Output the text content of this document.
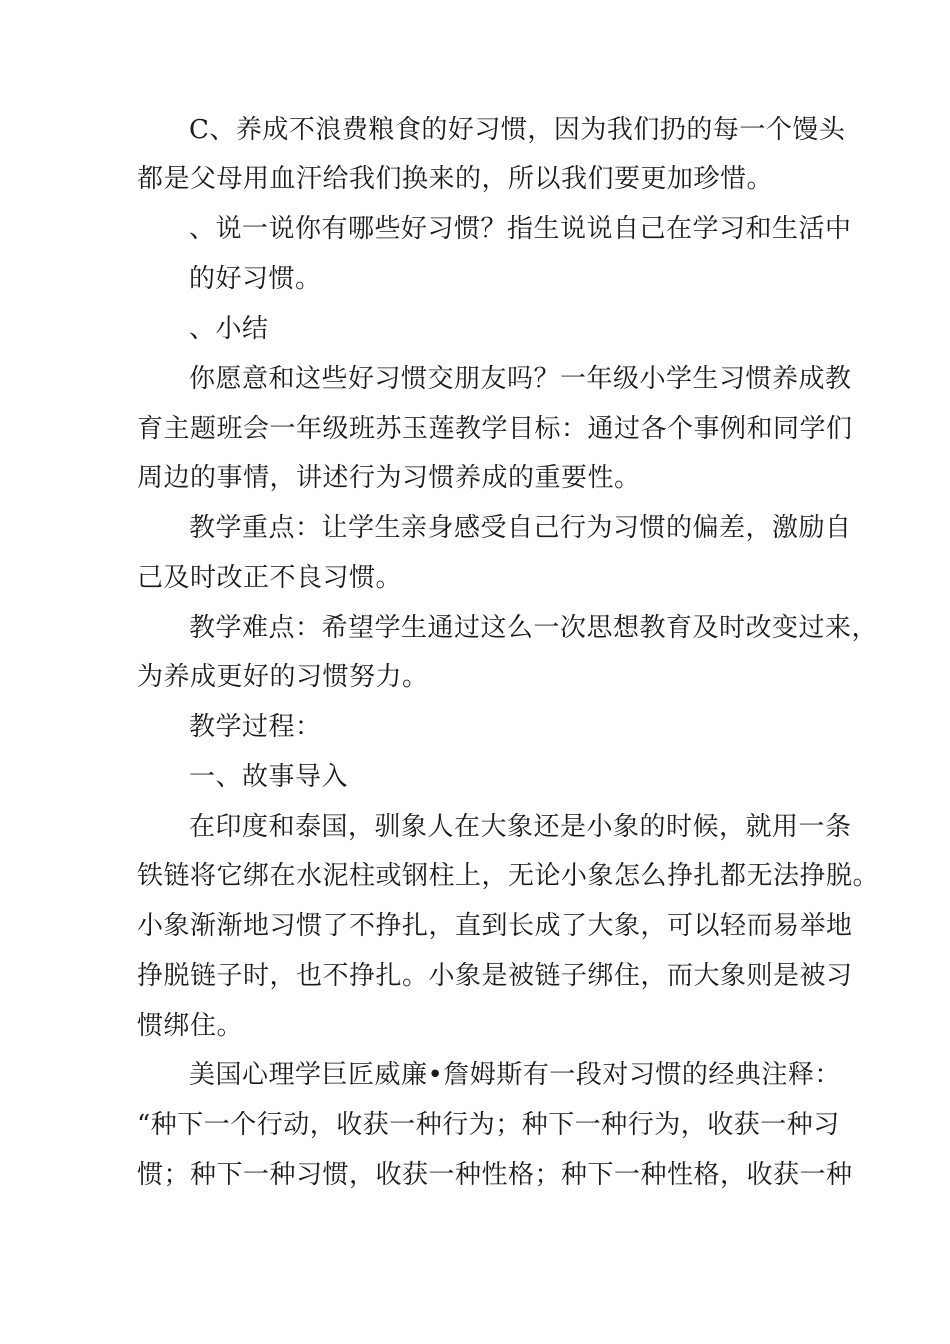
C、养成不浪费粮食的好习惯，因为我们扔的每一个馒头
都是父母用血汗给我们换来的，所以我们要更加珍惜。
、说一说你有哪些好习惯？指生说说自己在学习和生活中
的好习惯。
、小结
你愿意和这些好习惯交朋友吗？一年级小学生习惯养成教
育主题班会一年级班苏玉莲教学目标：通过各个事例和同学们
周边的事情，讲述行为习惯养成的重要性。
教学重点：让学生亲身感受自己行为习惯的偏差，激励自
己及时改正不良习惯。
教学难点：希望学生通过这么一次思想教育及时改变过来，
为养成更好的习惯努力。
教学过程：
一、故事导入
在印度和泰国，驯象人在大象还是小象的时候，就用一条
铁链将它绑在水泥柱或钢柱上，无论小象怎么挣扎都无法挣脱。
小象渐渐地习惯了不挣扎，直到长成了大象，可以轻而易举地
挣脱链子时，也不挣扎。小象是被链子绑住，而大象则是被习
惯绑住。
美国心理学巨匠威廉•詹姆斯有一段对习惯的经典注释：
“种下一个行动，收获一种行为；种下一种行为，收获一种习
惯；种下一种习惯，收获一种性格；种下一种性格，收获一种
